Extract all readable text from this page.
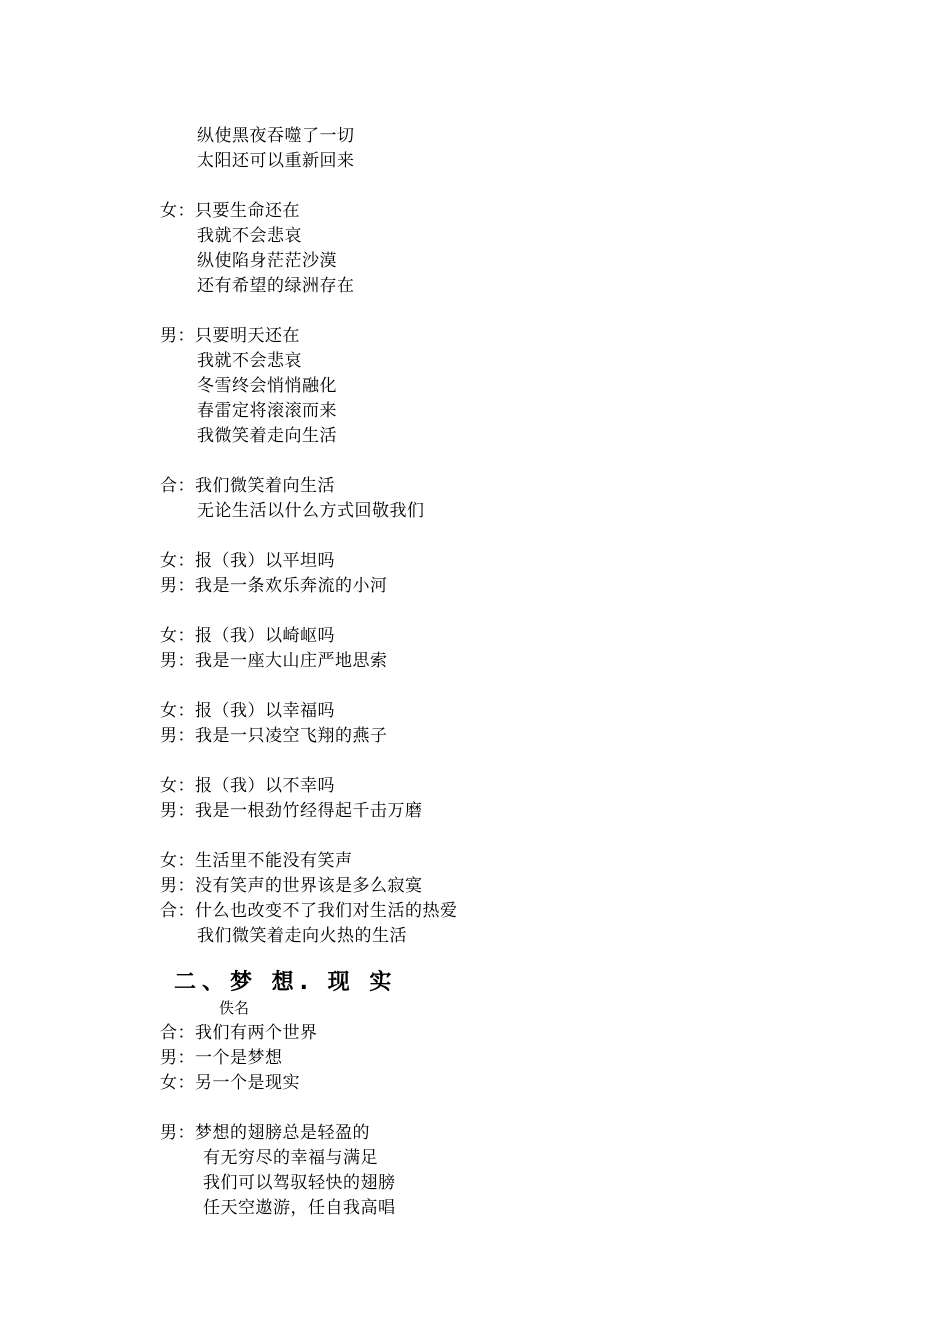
纵使黑夜吞噬了一切
太阳还可以重新回来
女：只要生命还在
我就不会悲哀
纵使陷身茫茫沙漠
还有希望的绿洲存在
男：只要明天还在
我就不会悲哀
冬雪终会悄悄融化
春雷定将滚滚而来
我微笑着走向生活
合：我们微笑着向生活
无论生活以什么方式回敬我们
女：报（我）以平坦吗
男：我是一条欢乐奔流的小河
女：报（我）以崎岖吗
男：我是一座大山庄严地思索
女：报（我）以幸福吗
男：我是一只凌空飞翔的燕子
女：报（我）以不幸吗
男：我是一根劲竹经得起千击万磨
女：生活里不能没有笑声
男：没有笑声的世界该是多么寂寞
合：什么也改变不了我们对生活的热爱
我们微笑着走向火热的生活
二、梦 想. 现 实
佚名
合：我们有两个世界
男：一个是梦想
女：另一个是现实
男：梦想的翅膀总是轻盈的
有无穷尽的幸福与满足
我们可以驾驭轻快的翅膀
任天空遨游，任自我高唱
